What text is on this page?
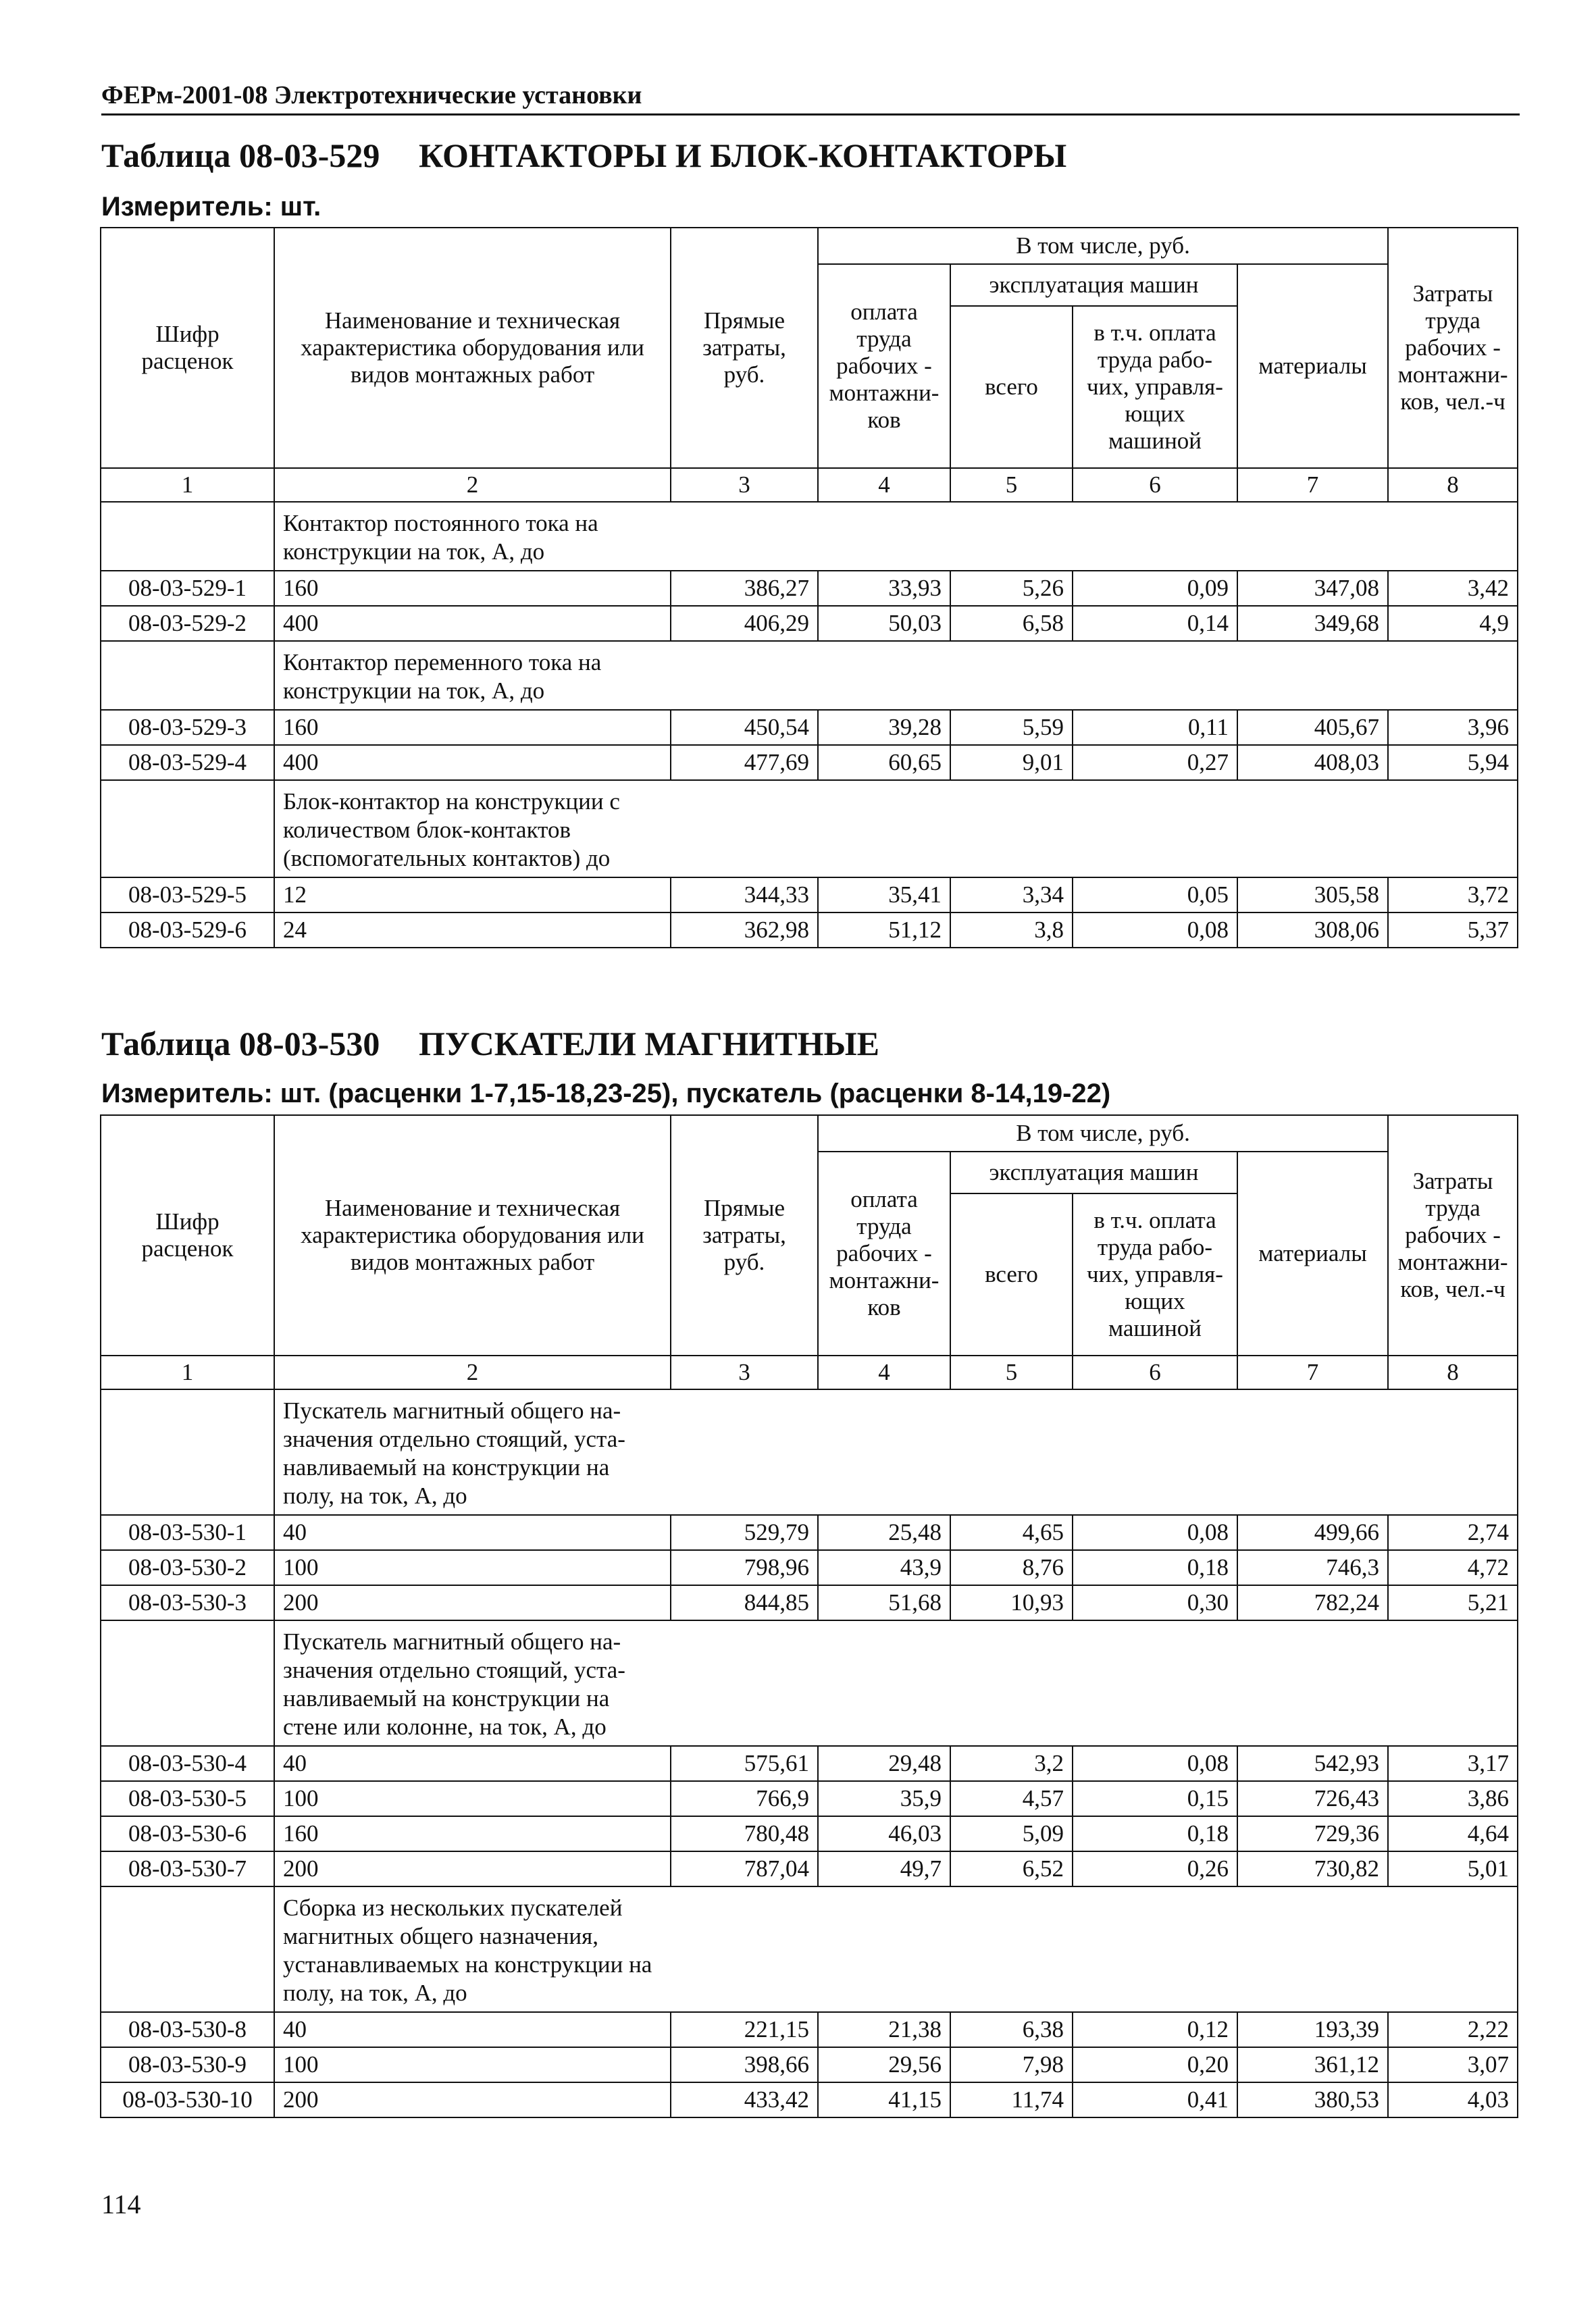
ФЕРм-2001-08 Электротехнические установки
Таблица 08-03-529 КОНТАКТОРЫ И БЛОК-КОНТАКТОРЫ
Измеритель: шт.
Шифр расценок	Наименование и техническая характеристика оборудования или видов монтажных работ	Прямые затраты, руб.	В том числе, руб.				Затраты труда рабочих - монтажни-ков, чел.-ч
			оплата труда рабочих - монтажни-ков	эксплуатация машин		материалы	
				всего	в т.ч. оплата труда рабо-чих, управля-ющих машиной		
1	2	3	4	5	6	7	8

	Контактор постоянного тока на конструкции на ток, А, до						

08-03-529-1	160	386,27	33,93	5,26	0,09	347,08	3,42
08-03-529-2	400	406,29	50,03	6,58	0,14	349,68	4,9

	Контактор переменного тока на конструкции на ток, А, до						

08-03-529-3	160	450,54	39,28	5,59	0,11	405,67	3,96
08-03-529-4	400	477,69	60,65	9,01	0,27	408,03	5,94

	Блок-контактор на конструкции с количеством блок-контактов (вспомогательных контактов) до						

08-03-529-5	12	344,33	35,41	3,34	0,05	305,58	3,72
08-03-529-6	24	362,98	51,12	3,8	0,08	308,06	5,37
Таблица 08-03-530 ПУСКАТЕЛИ МАГНИТНЫЕ
Измеритель: шт. (расценки 1-7,15-18,23-25), пускатель (расценки 8-14,19-22)
Шифр расценок	Наименование и техническая характеристика оборудования или видов монтажных работ	Прямые затраты, руб.	В том числе, руб.				Затраты труда рабочих - монтажни-ков, чел.-ч
			оплата труда рабочих - монтажни-ков	эксплуатация машин		материалы	
				всего	в т.ч. оплата труда рабо-чих, управля-ющих машиной		
1	2	3	4	5	6	7	8

	Пускатель магнитный общего на-значения отдельно стоящий, уста-навливаемый на конструкции на полу, на ток, А, до						

08-03-530-1	40	529,79	25,48	4,65	0,08	499,66	2,74
08-03-530-2	100	798,96	43,9	8,76	0,18	746,3	4,72
08-03-530-3	200	844,85	51,68	10,93	0,30	782,24	5,21

	Пускатель магнитный общего на-значения отдельно стоящий, уста-навливаемый на конструкции на стене или колонне, на ток, А, до						

08-03-530-4	40	575,61	29,48	3,2	0,08	542,93	3,17
08-03-530-5	100	766,9	35,9	4,57	0,15	726,43	3,86
08-03-530-6	160	780,48	46,03	5,09	0,18	729,36	4,64
08-03-530-7	200	787,04	49,7	6,52	0,26	730,82	5,01

	Сборка из нескольких пускателей магнитных общего назначения, устанавливаемых на конструкции на полу, на ток, А, до						

08-03-530-8	40	221,15	21,38	6,38	0,12	193,39	2,22
08-03-530-9	100	398,66	29,56	7,98	0,20	361,12	3,07
08-03-530-10	200	433,42	41,15	11,74	0,41	380,53	4,03
114
